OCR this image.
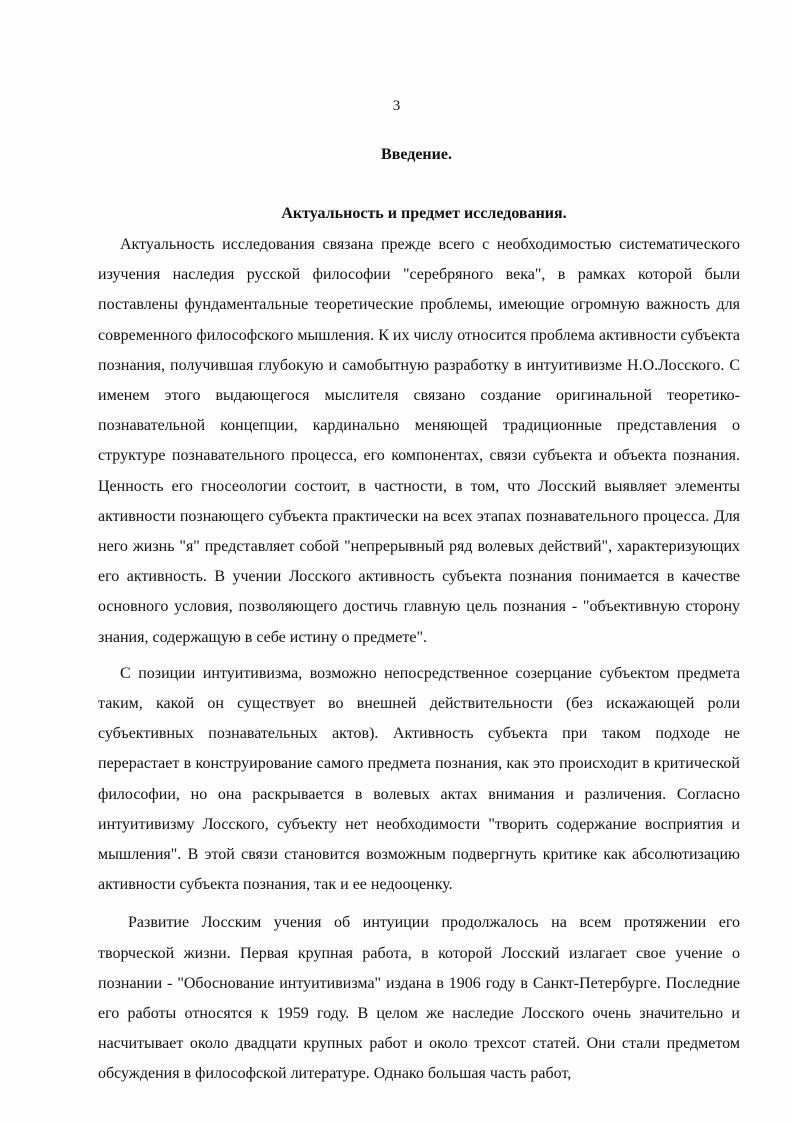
3
Введение.
Актуальность и предмет исследования.

Актуальность исследования связана прежде всего с необходимостью систематического изучения наследия русской философии "серебряного века", в рамках которой были поставлены фундаментальные теоретические проблемы, имеющие огромную важность для современного философского мышления. К их числу относится проблема активности субъекта познания, получившая глубокую и самобытную разработку в интуитивизме Н.О.Лосского. С именем этого выдающегося мыслителя связано создание оригинальной теоретико-познавательной концепции, кардинально меняющей традиционные представления о структуре познавательного процесса, его компонентах, связи субъекта и объекта познания. Ценность его гносеологии состоит, в частности, в том, что Лосский выявляет элементы активности познающего субъекта практически на всех этапах познавательного процесса. Для него жизнь "я" представляет собой "непрерывный ряд волевых действий", характеризующих его активность. В учении Лосского активность субъекта познания понимается в качестве основного условия, позволяющего достичь главную цель познания - "объективную сторону знания, содержащую в себе истину о предмете".

С позиции интуитивизма, возможно непосредственное созерцание субъектом предмета таким, какой он существует во внешней действительности (без искажающей роли субъективных познавательных актов). Активность субъекта при таком подходе не перерастает в конструирование самого предмета познания, как это происходит в критической философии, но она раскрывается в волевых актах внимания и различения. Согласно интуитивизму Лосского, субъекту нет необходимости "творить содержание восприятия и мышления". В этой связи становится возможным подвергнуть критике как абсолютизацию активности субъекта познания, так и ее недооценку.

Развитие Лосским учения об интуиции продолжалось на всем протяжении его творческой жизни. Первая крупная работа, в которой Лосский излагает свое учение о познании - "Обоснование интуитивизма" издана в 1906 году в Санкт-Петербурге. Последние его работы относятся к 1959 году. В целом же наследие Лосского очень значительно и насчитывает около двадцати крупных работ и около трехсот статей. Они стали предметом обсуждения в философской литературе. Однако большая часть работ,
